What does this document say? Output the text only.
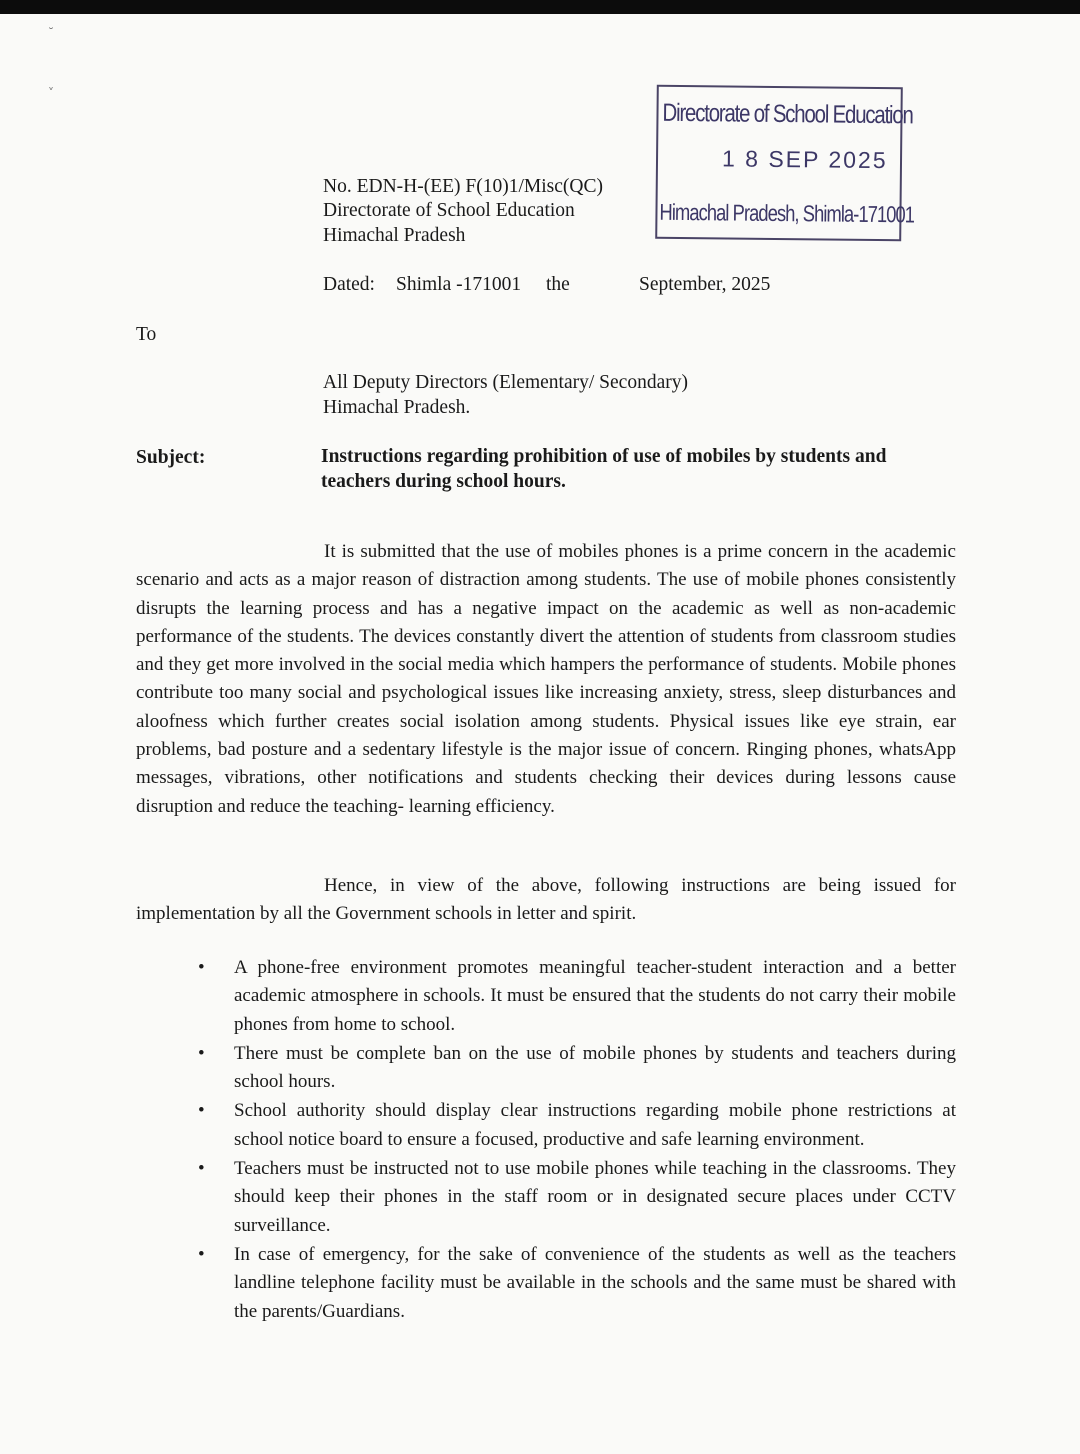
˘
˅
Directorate of School Education
1 8 SEP 2025
Himachal Pradesh, Shimla-171001
No. EDN-H-(EE) F(10)1/Misc(QC)
Directorate of School Education
Himachal Pradesh
Dated: Shimla -171001 the	September, 2025
To
All Deputy Directors (Elementary/ Secondary)
Himachal Pradesh.
Subject:	Instructions regarding prohibition of use of mobiles by students and
teachers during school hours.
It is submitted that the use of mobiles phones is a prime concern in the academic scenario and acts as a major reason of distraction among students. The use of mobile phones consistently disrupts the learning process and has a negative impact on the academic as well as non-academic performance of the students. The devices constantly divert the attention of students from classroom studies and they get more involved in the social media which hampers the performance of students. Mobile phones contribute too many social and psychological issues like increasing anxiety, stress, sleep disturbances and aloofness which further creates social isolation among students. Physical issues like eye strain, ear problems, bad posture and a sedentary lifestyle is the major issue of concern. Ringing phones, whatsApp messages, vibrations, other notifications and students checking their devices during lessons cause disruption and reduce the teaching- learning efficiency.
Hence, in view of the above, following instructions are being issued for implementation by all the Government schools in letter and spirit.
• A phone-free environment promotes meaningful teacher-student interaction and a better academic atmosphere in schools. It must be ensured that the students do not carry their mobile phones from home to school.
• There must be complete ban on the use of mobile phones by students and teachers during school hours.
• School authority should display clear instructions regarding mobile phone restrictions at school notice board to ensure a focused, productive and safe learning environment.
• Teachers must be instructed not to use mobile phones while teaching in the classrooms. They should keep their phones in the staff room or in designated secure places under CCTV surveillance.
• In case of emergency, for the sake of convenience of the students as well as the teachers landline telephone facility must be available in the schools and the same must be shared with the parents/Guardians.
